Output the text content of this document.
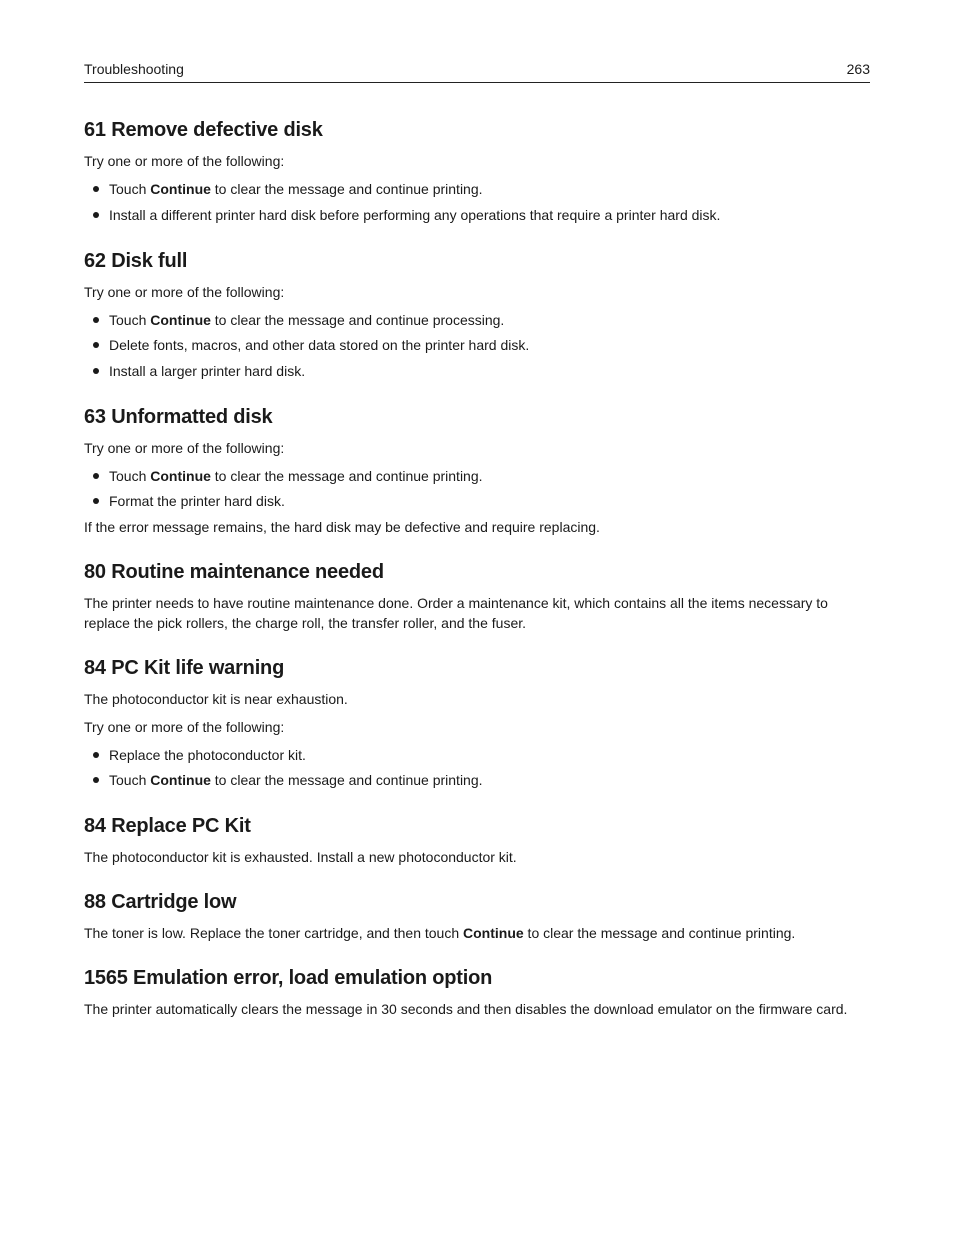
Troubleshooting	263
61 Remove defective disk

Try one or more of the following:

Touch Continue to clear the message and continue printing.
Install a different printer hard disk before performing any operations that require a printer hard disk.
62 Disk full

Try one or more of the following:

Touch Continue to clear the message and continue processing.
Delete fonts, macros, and other data stored on the printer hard disk.
Install a larger printer hard disk.
63 Unformatted disk

Try one or more of the following:

Touch Continue to clear the message and continue printing.
Format the printer hard disk.

If the error message remains, the hard disk may be defective and require replacing.

80 Routine maintenance needed

The printer needs to have routine maintenance done. Order a maintenance kit, which contains all the items necessary to replace the pick rollers, the charge roll, the transfer roller, and the fuser.

84 PC Kit life warning

The photoconductor kit is near exhaustion.

Try one or more of the following:

Replace the photoconductor kit.
Touch Continue to clear the message and continue printing.
84 Replace PC Kit

The photoconductor kit is exhausted. Install a new photoconductor kit.

88 Cartridge low

The toner is low. Replace the toner cartridge, and then touch Continue to clear the message and continue printing.

1565 Emulation error, load emulation option

The printer automatically clears the message in 30 seconds and then disables the download emulator on the firmware card.
